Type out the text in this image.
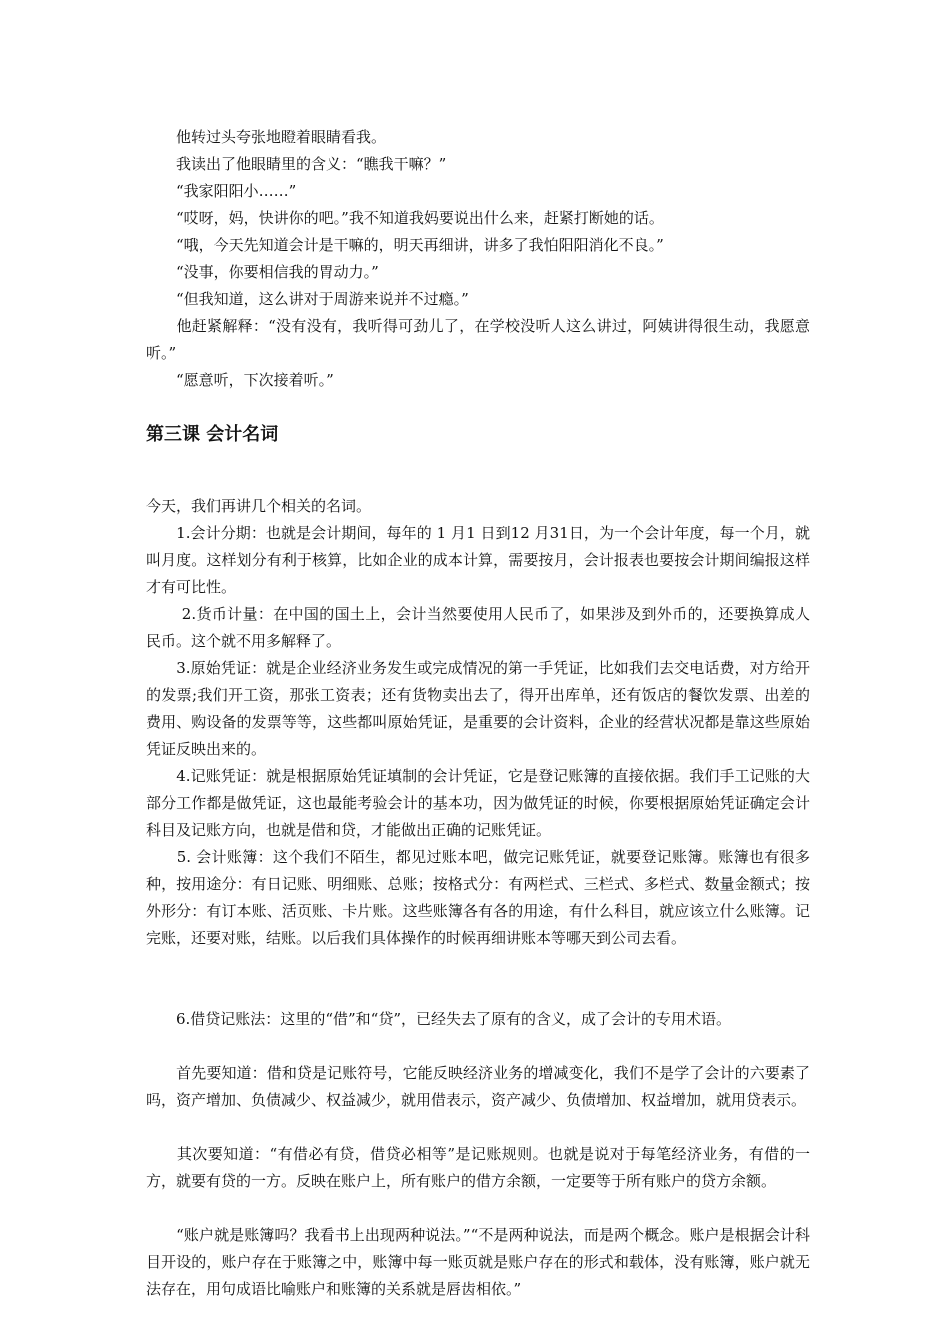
　　他转过头夸张地瞪着眼睛看我。

　　我读出了他眼睛里的含义：“瞧我干嘛？”

　　“我家阳阳小……”

　　“哎呀，妈，快讲你的吧。”我不知道我妈要说出什么来，赶紧打断她的话。

　　“哦，今天先知道会计是干嘛的，明天再细讲，讲多了我怕阳阳消化不良。”

　　“没事，你要相信我的胃动力。”

　　“但我知道，这么讲对于周游来说并不过瘾。”

　　他赶紧解释：“没有没有，我听得可劲儿了，在学校没听人这么讲过，阿姨讲得很生动，我愿意听。”

　　“愿意听，下次接着听。”

第三课 会计名词

今天，我们再讲几个相关的名词。

　　1.会计分期：也就是会计期间，每年的 1 月1 日到12 月31日，为一个会计年度，每一个月，就叫月度。这样划分有利于核算，比如企业的成本计算，需要按月，会计报表也要按会计期间编报这样才有可比性。

　　 2.货币计量：在中国的国土上，会计当然要使用人民币了，如果涉及到外币的，还要换算成人民币。这个就不用多解释了。

　　3.原始凭证：就是企业经济业务发生或完成情况的第一手凭证，比如我们去交电话费，对方给开的发票;我们开工资，那张工资表；还有货物卖出去了，得开出库单，还有饭店的餐饮发票、出差的费用、购设备的发票等等，这些都叫原始凭证，是重要的会计资料，企业的经营状况都是靠这些原始凭证反映出来的。

　　4.记账凭证：就是根据原始凭证填制的会计凭证，它是登记账簿的直接依据。我们手工记账的大部分工作都是做凭证，这也最能考验会计的基本功，因为做凭证的时候，你要根据原始凭证确定会计科目及记账方向，也就是借和贷，才能做出正确的记账凭证。

　　5. 会计账簿：这个我们不陌生，都见过账本吧，做完记账凭证，就要登记账簿。账簿也有很多种，按用途分：有日记账、明细账、总账；按格式分：有两栏式、三栏式、多栏式、数量金额式；按外形分：有订本账、活页账、卡片账。这些账簿各有各的用途，有什么科目，就应该立什么账簿。记完账，还要对账，结账。以后我们具体操作的时候再细讲账本等哪天到公司去看。

　　6.借贷记账法：这里的“借”和“贷”，已经失去了原有的含义，成了会计的专用术语。

　　首先要知道：借和贷是记账符号，它能反映经济业务的增减变化，我们不是学了会计的六要素了吗，资产增加、负债减少、权益减少，就用借表示，资产减少、负债增加、权益增加，就用贷表示。

　　其次要知道：“有借必有贷，借贷必相等”是记账规则。也就是说对于每笔经济业务，有借的一方，就要有贷的一方。反映在账户上，所有账户的借方余额，一定要等于所有账户的贷方余额。

　　“账户就是账簿吗？我看书上出现两种说法。”“不是两种说法，而是两个概念。账户是根据会计科目开设的，账户存在于账簿之中，账簿中每一账页就是账户存在的形式和载体，没有账簿，账户就无法存在，用句成语比喻账户和账簿的关系就是唇齿相依。”
